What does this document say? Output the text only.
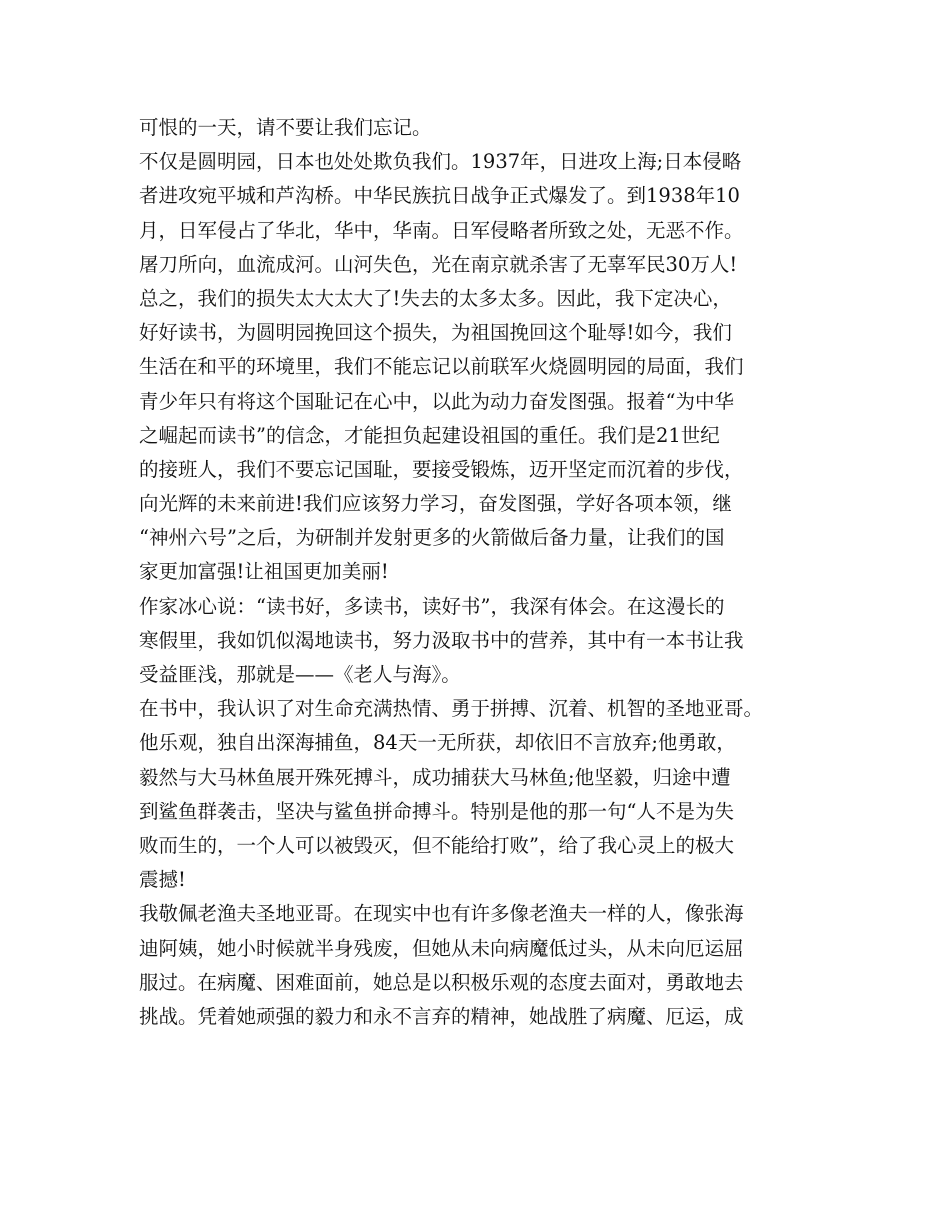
可恨的一天，请不要让我们忘记。
不仅是圆明园，日本也处处欺负我们。1937年，日进攻上海;日本侵略
者进攻宛平城和芦沟桥。中华民族抗日战争正式爆发了。到1938年10
月，日军侵占了华北，华中，华南。日军侵略者所致之处，无恶不作。
屠刀所向，血流成河。山河失色，光在南京就杀害了无辜军民30万人!
总之，我们的损失太大太大了!失去的太多太多。因此，我下定决心，
好好读书，为圆明园挽回这个损失，为祖国挽回这个耻辱!如今，我们
生活在和平的环境里，我们不能忘记以前联军火烧圆明园的局面，我们
青少年只有将这个国耻记在心中，以此为动力奋发图强。报着“为中华
之崛起而读书”的信念，才能担负起建设祖国的重任。我们是21世纪
的接班人，我们不要忘记国耻，要接受锻炼，迈开坚定而沉着的步伐，
向光辉的未来前进!我们应该努力学习，奋发图强，学好各项本领，继
“神州六号”之后，为研制并发射更多的火箭做后备力量，让我们的国
家更加富强!让祖国更加美丽!
作家冰心说：“读书好，多读书，读好书”，我深有体会。在这漫长的
寒假里，我如饥似渴地读书，努力汲取书中的营养，其中有一本书让我
受益匪浅，那就是——《老人与海》。
在书中，我认识了对生命充满热情、勇于拼搏、沉着、机智的圣地亚哥。
他乐观，独自出深海捕鱼，84天一无所获，却依旧不言放弃;他勇敢，
毅然与大马林鱼展开殊死搏斗，成功捕获大马林鱼;他坚毅，归途中遭
到鲨鱼群袭击，坚决与鲨鱼拼命搏斗。特别是他的那一句“人不是为失
败而生的，一个人可以被毁灭，但不能给打败”，给了我心灵上的极大
震撼!
我敬佩老渔夫圣地亚哥。在现实中也有许多像老渔夫一样的人，像张海
迪阿姨，她小时候就半身残废，但她从未向病魔低过头，从未向厄运屈
服过。在病魔、困难面前，她总是以积极乐观的态度去面对，勇敢地去
挑战。凭着她顽强的毅力和永不言弃的精神，她战胜了病魔、厄运，成
